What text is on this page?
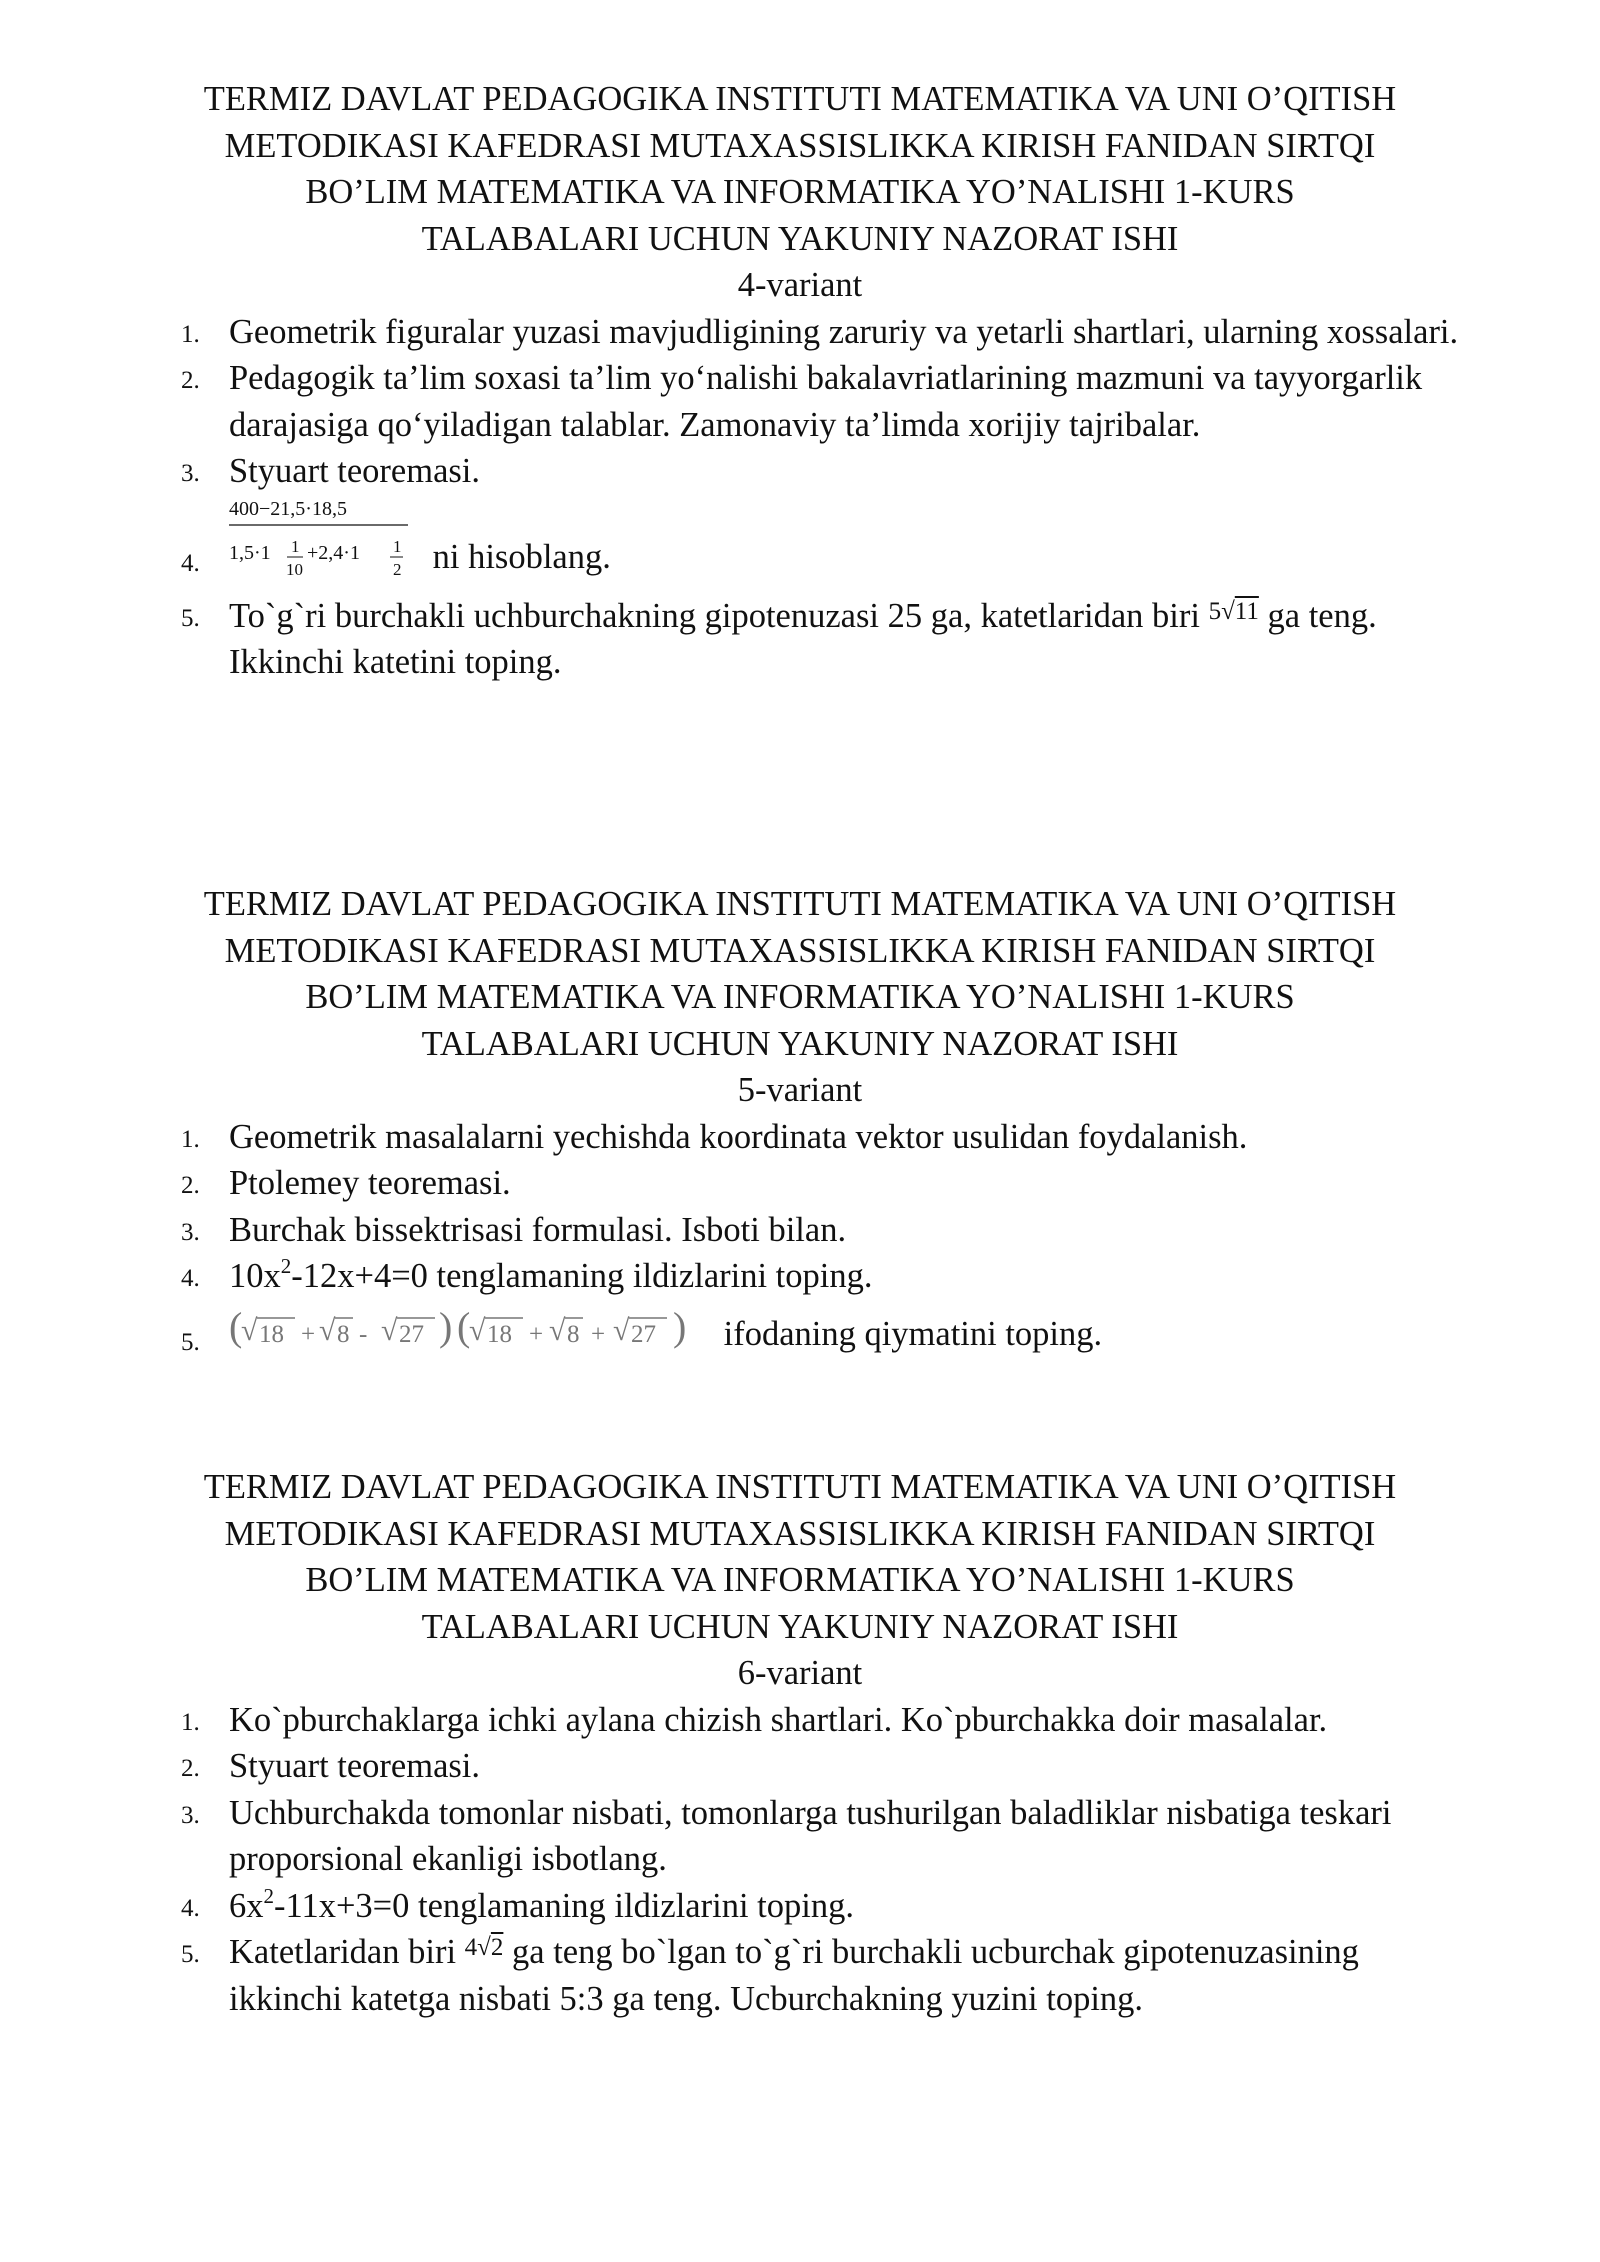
TERMIZ DAVLAT PEDAGOGIKA INSTITUTI MATEMATIKA VA UNI O’QITISH
METODIKASI KAFEDRASI MUTAXASSISLIKKA KIRISH FANIDAN SIRTQI
BO’LIM MATEMATIKA VA INFORMATIKA YO’NALISHI 1-KURS
TALABALARI UCHUN YAKUNIY NAZORAT ISHI
4-variant
1. Geometrik figuralar yuzasi mavjudligining zaruriy va yetarli shartlari, ularning xossalari.
2. Pedagogik ta’lim soxasi ta’lim yo‘nalishi bakalavriatlarining mazmuni va tayyorgarlik darajasiga qo‘yiladigan talablar. Zamonaviy ta’limda xorijiy tajribalar.
3. Styuart teoremasi.
4.
400−21,5·18,5
1,5·1 1
10
+2,4·1 1
2 ni hisoblang.
5. To`g`ri burchakli uchburchakning gipotenuzasi 25 ga, katetlaridan biri $^{5√11}$ ga teng. Ikkinchi katetini toping.
TERMIZ DAVLAT PEDAGOGIKA INSTITUTI MATEMATIKA VA UNI O’QITISH
METODIKASI KAFEDRASI MUTAXASSISLIKKA KIRISH FANIDAN SIRTQI
BO’LIM MATEMATIKA VA INFORMATIKA YO’NALISHI 1-KURS
TALABALARI UCHUN YAKUNIY NAZORAT ISHI
5-variant
1. Geometrik masalalarni yechishda koordinata vektor usulidan foydalanish.
2. Ptolemey teoremasi.
3. Burchak bissektrisasi formulasi. Isboti bilan.
4. $10x^2-12x+4=0$ tenglamaning ildizlarini toping.
5. (
√ 18 + √ 8 - √ 27 ) (
√ 18 + √ 8 + √ 27 ) ifodaning qiymatini toping.
TERMIZ DAVLAT PEDAGOGIKA INSTITUTI MATEMATIKA VA UNI O’QITISH
METODIKASI KAFEDRASI MUTAXASSISLIKKA KIRISH FANIDAN SIRTQI
BO’LIM MATEMATIKA VA INFORMATIKA YO’NALISHI 1-KURS
TALABALARI UCHUN YAKUNIY NAZORAT ISHI
6-variant
1. Ko`pburchaklarga ichki aylana chizish shartlari. Ko`pburchakka doir masalalar.
2. Styuart teoremasi.
3. Uchburchakda tomonlar nisbati, tomonlarga tushurilgan baladliklar nisbatiga teskari proporsional ekanligi isbotlang.
4. $6x^2-11x+3=0$ tenglamaning ildizlarini toping.
5. Katetlaridan biri $^{4√2}$ ga teng bo`lgan to`g`ri burchakli ucburchak gipotenuzasining ikkinchi katetga nisbati 5:3 ga teng. Ucburchakning yuzini toping.
